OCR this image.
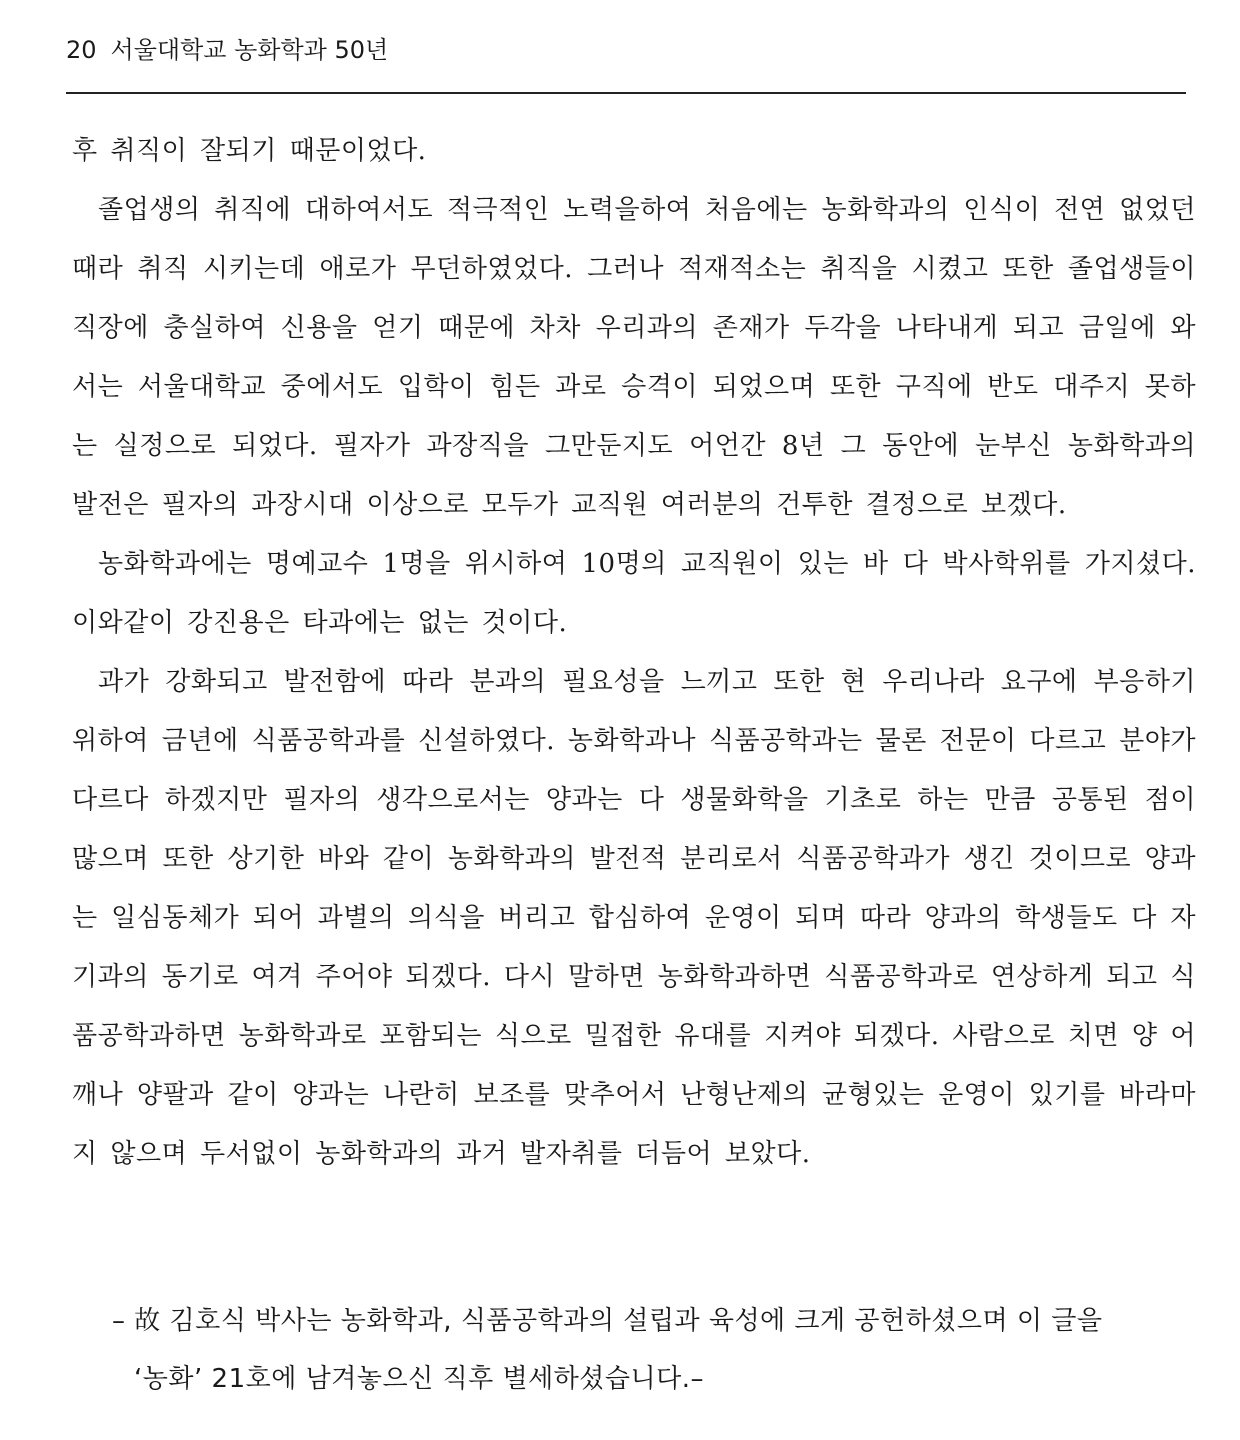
20 서울대학교 농화학과 50년

후 취직이 잘되기 때문이었다.

졸업생의 취직에 대하여서도 적극적인 노력을하여 처음에는 농화학과의 인식이 전연 없었던 때라 취직 시키는데 애로가 무던하였었다. 그러나 적재적소는 취직을 시켰고 또한 졸업생들이 직장에 충실하여 신용을 얻기 때문에 차차 우리과의 존재가 두각을 나타내게 되고 금일에 와서는 서울대학교 중에서도 입학이 힘든 과로 승격이 되었으며 또한 구직에 반도 대주지 못하는 실정으로 되었다. 필자가 과장직을 그만둔지도 어언간 8년 그 동안에 눈부신 농화학과의 발전은 필자의 과장시대 이상으로 모두가 교직원 여러분의 건투한 결정으로 보겠다.

농화학과에는 명예교수 1명을 위시하여 10명의 교직원이 있는 바 다 박사학위를 가지셨다. 이와같이 강진용은 타과에는 없는 것이다.

과가 강화되고 발전함에 따라 분과의 필요성을 느끼고 또한 현 우리나라 요구에 부응하기 위하여 금년에 식품공학과를 신설하였다. 농화학과나 식품공학과는 물론 전문이 다르고 분야가 다르다 하겠지만 필자의 생각으로서는 양과는 다 생물화학을 기초로 하는 만큼 공통된 점이 많으며 또한 상기한 바와 같이 농화학과의 발전적 분리로서 식품공학과가 생긴 것이므로 양과는 일심동체가 되어 과별의 의식을 버리고 합심하여 운영이 되며 따라 양과의 학생들도 다 자기과의 동기로 여겨 주어야 되겠다. 다시 말하면 농화학과하면 식품공학과로 연상하게 되고 식품공학과하면 농화학과로 포함되는 식으로 밀접한 유대를 지켜야 되겠다. 사람으로 치면 양 어깨나 양팔과 같이 양과는 나란히 보조를 맞추어서 난형난제의 균형있는 운영이 있기를 바라마지 않으며 두서없이 농화학과의 과거 발자취를 더듬어 보았다.

– 故 김호식 박사는 농화학과, 식품공학과의 설립과 육성에 크게 공헌하셨으며 이 글을

‘농화’ 21호에 남겨놓으신 직후 별세하셨습니다.–
